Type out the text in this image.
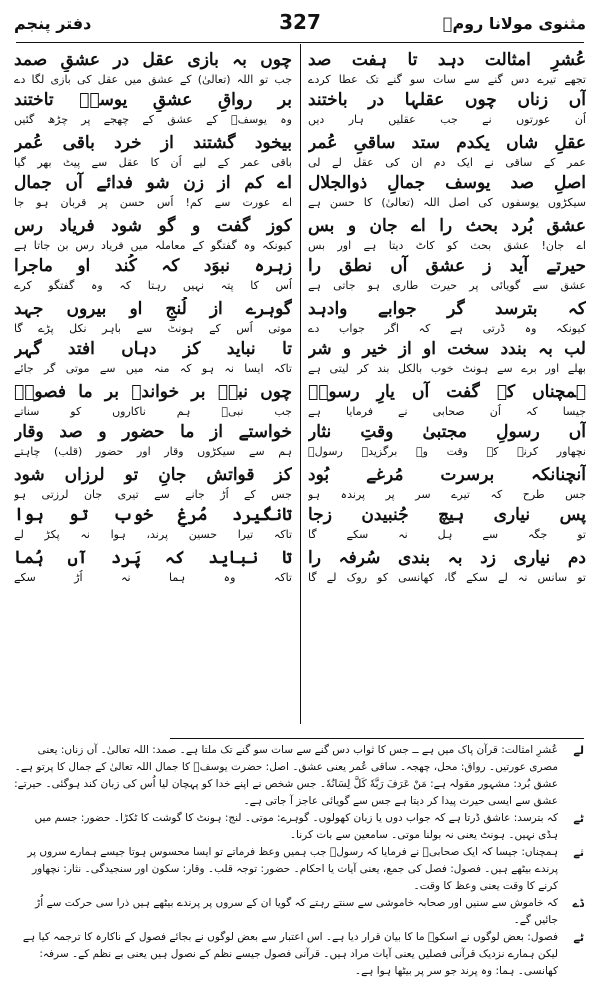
مثنوی مولانا رومؒ
327
دفتر پنجم
عُشرِ امثالت دہد تا ہفت صد
تجھے تیرے دس گنے سے سات سو گنے تک عطا کردے
آں زناں چوں عقلہا در باختند
اُن عورتوں نے جب عقلیں ہار دیں
عقلِ شاں یکدم ستد ساقیِ عُمر
عمر کے ساقی نے ایک دم ان کی عقل لے لی
اصلِ صد یوسف جمالِ ذوالجلال
سیکڑوں یوسفوں کی اصل اللہ (تعالیٰ) کا حسن ہے
عشق بُرد بحث را اے جان و بس
اے جان! عشق بحث کو کاٹ دیتا ہے اور بس
حیرتے آید ز عشق آں نطق را
عشق سے گویائی پر حیرت طاری ہو جاتی ہے
کہ بترسد گر جوابے وادہد
کیونکہ وہ ڈرتی ہے کہ اگر جواب دے
لب بہ بندد سخت او از خیر و شر
بھلے اور برے سے ہونٹ خوب بالکل بند کر لیتی ہے
ہمچناں کہ گفت آں یارِ رسولؐ
جیسا کہ اُن صحابی نے فرمایا ہے
آں رسولِ مجتبیٰ وقتِ نثار
نچھاور کرنے کے وقت وہ برگزیدہ رسولؐ
آنچنانکہ برسرت مُرغے بُود
جس طرح کہ تیرے سر پر پرندہ ہو
پس نیاری ہیچ جُنبیدن زجا
تو جگہ سے ہل نہ سکے گا
دم نیاری زد بہ بندی سُرفہ را
تو سانس نہ لے سکے گا، کھانسی کو روک لے گا
چوں بہ بازی عقل در عشقِ صمد
جب تو اللہ (تعالیٰ) کے عشق میں عقل کی بازی لگا دے
بر رواقِ عشقِ یوسفؑ تاختند
وہ یوسفؑ کے عشق کے چھجے پر چڑھ گئیں
بیخود گشتند از خرد باقی عُمر
باقی عمر کے لیے اُن کا عقل سے پیٹ بھر گیا
اے کم از زن شو فدائے آں جمال
اے عورت سے کم! اُس حسن پر قربان ہو جا
کوز گفت و گو شود فریاد رس
کیونکہ وہ گفتگو کے معاملہ میں فریاد رس بن جاتا ہے
زہرہ نبوَد کہ کُند او ماجرا
اُس کا پتہ نہیں رہتا کہ وہ گفتگو کرے
گوہرے از لُنجِ او بیروں جہد
موتی اُس کے ہونٹ سے باہر نکل پڑے گا
تا نباید کز دہاں افتد گہر
تاکہ ایسا نہ ہو کہ منہ میں سے موتی گر جائے
چوں نبیؐ بر خواندے بر ما فصولؑ
جب نبیؐ ہم ناکاروں کو سناتے
خواستے از ما حضور و صد وقار
ہم سے سیکڑوں وقار اور حضور (قلب) چاہتے
کز قواتش جانِ تو لرزاں شود
جس کے اُڑ جانے سے تیری جان لرزتی ہو
تانگیرد مُرغِ خوب تو ہوا
تاکہ تیرا حسین پرند، ہوا نہ پکڑ لے
تا نباید کہ پَرد آں ہُما
تاکہ وہ ہما نہ اُڑ سکے
لے
عُشرِ امثالت: قرآن پاک میں ہے ــ جس کا ثواب دس گنے سے سات سو گنے تک ملتا ہے۔ صمد: اللہ تعالیٰ۔ آں زناں: یعنی مصری عورتیں۔ رواق: محل، چھجہ۔ ساقی عُمر یعنی عشق۔ اصل: حضرت یوسفؑ کا جمال اللہ تعالیٰ کے جمال کا پرتو ہے۔ عشق بُرد: مشہور مقولہ ہے: مَنْ عَرَفَ رَبَّهٗ کَلَّ لِسَانُهٗ۔ جس شخص نے اپنے خدا کو پہچان لیا اُس کی زبان کند ہوگئی۔ حیرتے: عشق سے ایسی حیرت پیدا کر دیتا ہے جس سے گویائی عاجز آ جاتی ہے۔
ٹے
کہ بترسد: عاشق ڈرتا ہے کہ جواب دوں یا زبان کھولوں۔ گوہرے: موتی۔ لنج: ہونٹ کا گوشت کا ٹکڑا۔ حضور: جسم میں ہڈی نہیں۔ ہونٹ یعنی نہ بولنا موتی۔ سامعین سے بات کرنا۔
ثے
ہمچناں: جیسا کہ ایک صحابیؓ نے فرمایا کہ رسولؐ جب ہمیں وعظ فرماتے تو ایسا محسوس ہوتا جیسے ہمارے سروں پر پرندے بیٹھے ہیں۔ فصول: فصل کی جمع، یعنی آیات یا احکام۔ حضور: توجہ قلب۔ وقار: سکون اور سنجیدگی۔ نثار: نچھاور کرنے کا وقت یعنی وعظ کا وقت۔
ڈے
کہ خاموش سے سنیں اور صحابہ خاموشی سے سنتے رہتے کہ گویا ان کے سروں پر پرندے بیٹھے ہیں ذرا سی حرکت سے اُڑ جائیں گے۔
ٹے
فصول: بعض لوگوں نے اسکوؔ ما کا بیان قرار دیا ہے۔ اس اعتبار سے بعض لوگوں نے بجائے فصول کے ناکارہ کا ترجمہ کیا ہے لیکن ہمارے نزدیک قرآنی فصلیں یعنی آیات مراد ہیں۔ قرآنی فصول جیسے نظم کے نصول ہیں یعنی بے نظم کے۔ سرفہ: کھانسی۔ ہما: وہ پرند جو سر پر بیٹھا ہوا ہے۔
